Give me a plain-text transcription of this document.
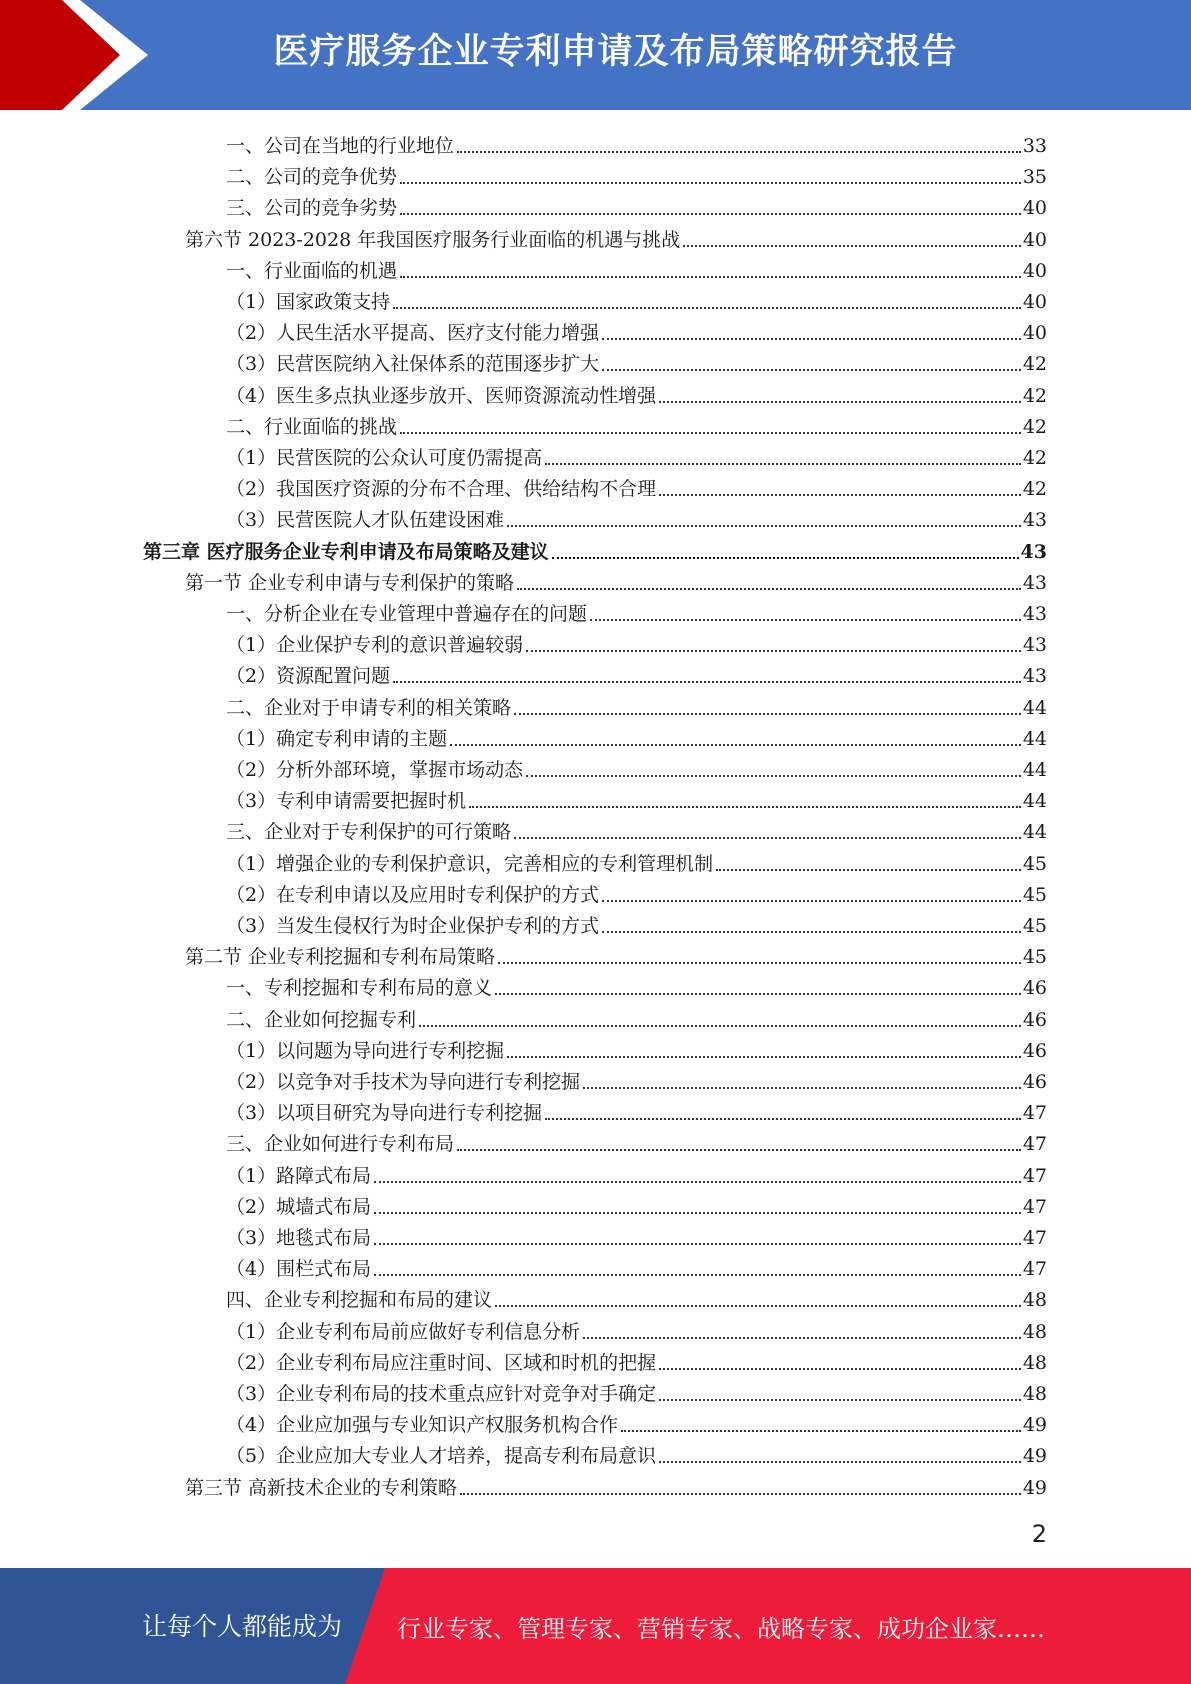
医疗服务企业专利申请及布局策略研究报告
一、公司在当地的行业地位	33
二、公司的竞争优势	35
三、公司的竞争劣势	40
第六节 2023-2028 年我国医疗服务行业面临的机遇与挑战	40
一、行业面临的机遇	40
（1）国家政策支持	40
（2）人民生活水平提高、医疗支付能力增强	40
（3）民营医院纳入社保体系的范围逐步扩大	42
（4）医生多点执业逐步放开、医师资源流动性增强	42
二、行业面临的挑战	42
（1）民营医院的公众认可度仍需提高	42
（2）我国医疗资源的分布不合理、供给结构不合理	42
（3）民营医院人才队伍建设困难	43
第三章 医疗服务企业专利申请及布局策略及建议	43
第一节 企业专利申请与专利保护的策略	43
一、分析企业在专业管理中普遍存在的问题	43
（1）企业保护专利的意识普遍较弱	43
（2）资源配置问题	43
二、企业对于申请专利的相关策略	44
（1）确定专利申请的主题	44
（2）分析外部环境，掌握市场动态	44
（3）专利申请需要把握时机	44
三、企业对于专利保护的可行策略	44
（1）增强企业的专利保护意识，完善相应的专利管理机制	45
（2）在专利申请以及应用时专利保护的方式	45
（3）当发生侵权行为时企业保护专利的方式	45
第二节 企业专利挖掘和专利布局策略	45
一、专利挖掘和专利布局的意义	46
二、企业如何挖掘专利	46
（1）以问题为导向进行专利挖掘	46
（2）以竞争对手技术为导向进行专利挖掘	46
（3）以项目研究为导向进行专利挖掘	47
三、企业如何进行专利布局	47
（1）路障式布局	47
（2）城墙式布局	47
（3）地毯式布局	47
（4）围栏式布局	47
四、企业专利挖掘和布局的建议	48
（1）企业专利布局前应做好专利信息分析	48
（2）企业专利布局应注重时间、区域和时机的把握	48
（3）企业专利布局的技术重点应针对竞争对手确定	48
（4）企业应加强与专业知识产权服务机构合作	49
（5）企业应加大专业人才培养，提高专利布局意识	49
第三节 高新技术企业的专利策略	49
2
让每个人都能成为 行业专家、管理专家、营销专家、战略专家、成功企业家……
